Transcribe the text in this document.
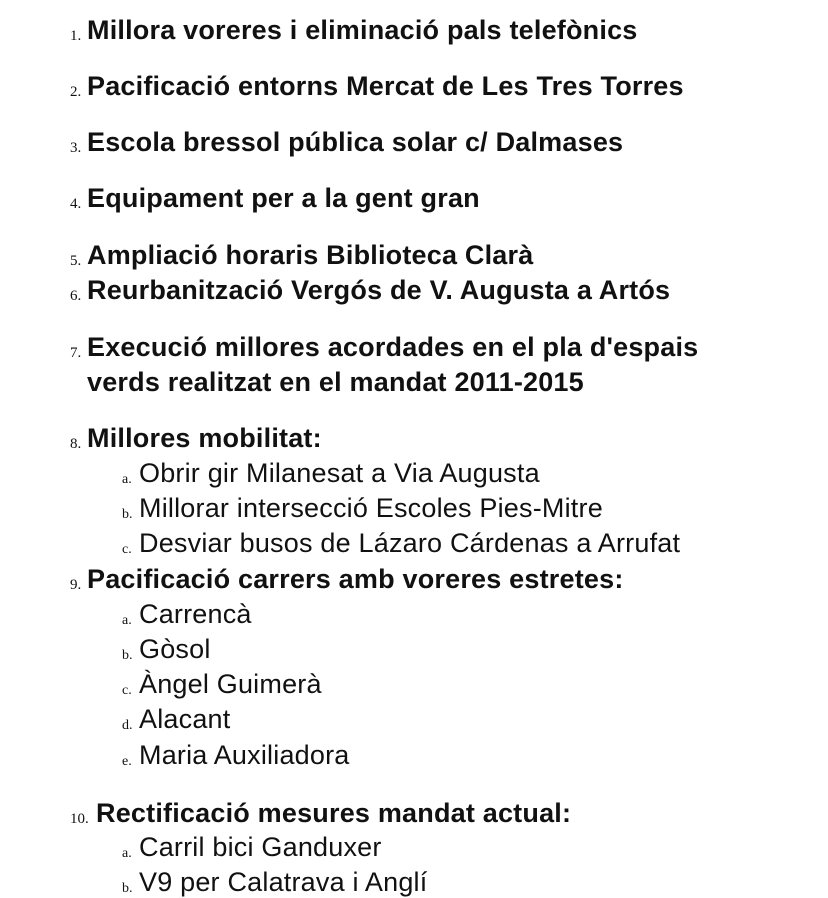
1. Millora voreres i eliminació pals telefònics
2. Pacificació entorns Mercat de Les Tres Torres
3. Escola bressol pública solar c/ Dalmases
4. Equipament per a la gent gran
5. Ampliació horaris Biblioteca Clarà
6. Reurbanització Vergós de V. Augusta a Artós
7. Execució millores acordades en el pla d'espais
verds realitzat en el mandat 2011-2015
8. Millores mobilitat:
a. Obrir gir Milanesat a Via Augusta
b. Millorar intersecció Escoles Pies-Mitre
c. Desviar busos de Lázaro Cárdenas a Arrufat
9. Pacificació carrers amb voreres estretes:
a. Carrencà
b. Gòsol
c. Àngel Guimerà
d. Alacant
e. Maria Auxiliadora
10. Rectificació mesures mandat actual:
a. Carril bici Ganduxer
b. V9 per Calatrava i Anglí
